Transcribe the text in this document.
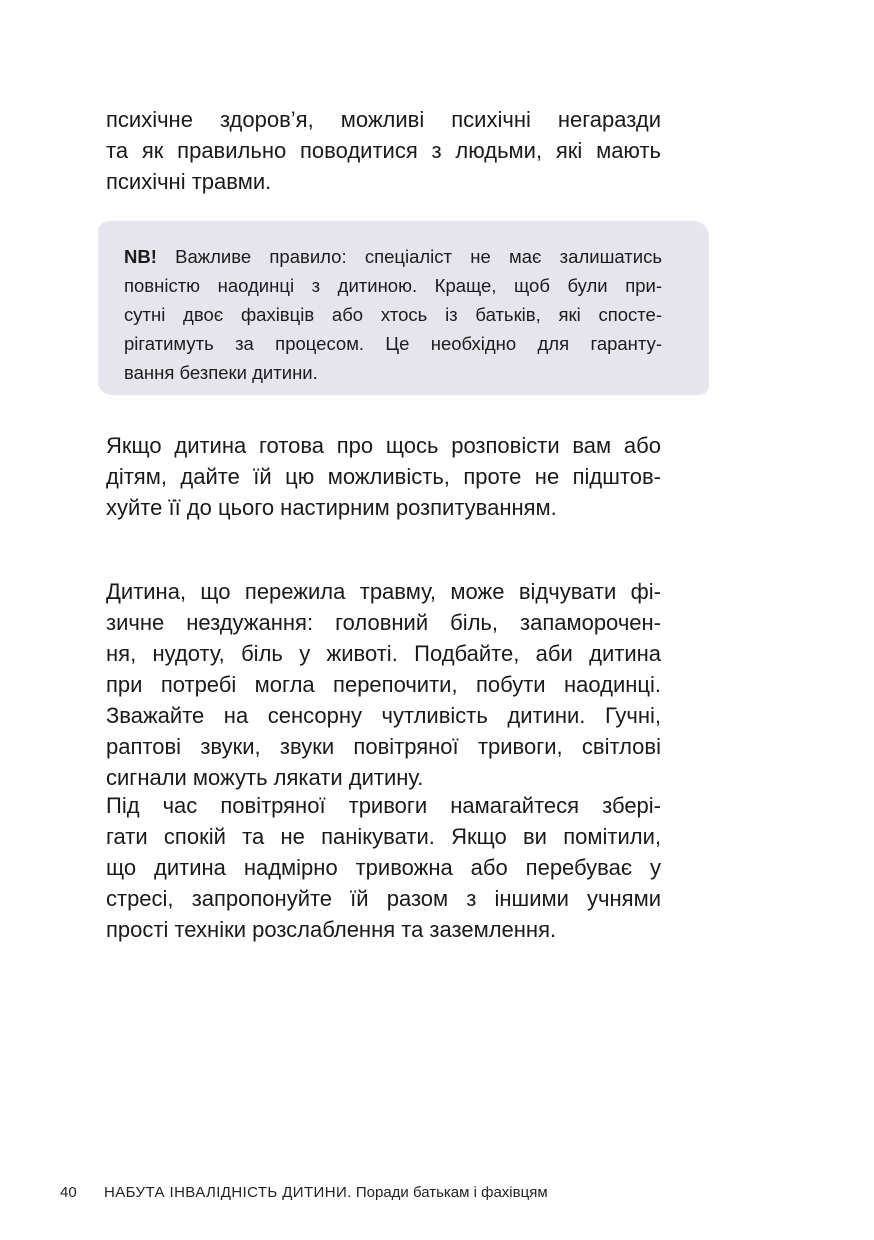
психічне здоров’я, можливі психічні негаразди
та як правильно поводитися з людьми, які мають
психічні травми.

NB! Важливе правило: спеціаліст не має залишатись
повністю наодинці з дитиною. Краще, щоб були при-
сутні двоє фахівців або хтось із батьків, які спосте-
рігатимуть за процесом. Це необхідно для гаранту-
вання безпеки дитини.

Якщо дитина готова про щось розповісти вам або
дітям, дайте їй цю можливість, проте не підштов-
хуйте її до цього настирним розпитуванням.

Дитина, що пережила травму, може відчувати фі-
зичне нездужання: головний біль, запаморочен-
ня, нудоту, біль у животі. Подбайте, аби дитина
при потребі могла перепочити, побути наодинці.
Зважайте на сенсорну чутливість дитини. Гучні,
раптові звуки, звуки повітряної тривоги, світлові
сигнали можуть лякати дитину.

Під час повітряної тривоги намагайтеся збері-
гати спокій та не панікувати. Якщо ви помітили,
що дитина надмірно тривожна або перебуває у
стресі, запропонуйте їй разом з іншими учнями
прості техніки розслаблення та заземлення.

40 НАБУТА ІНВАЛІДНІСТЬ ДИТИНИ. Поради батькам і фахівцям
